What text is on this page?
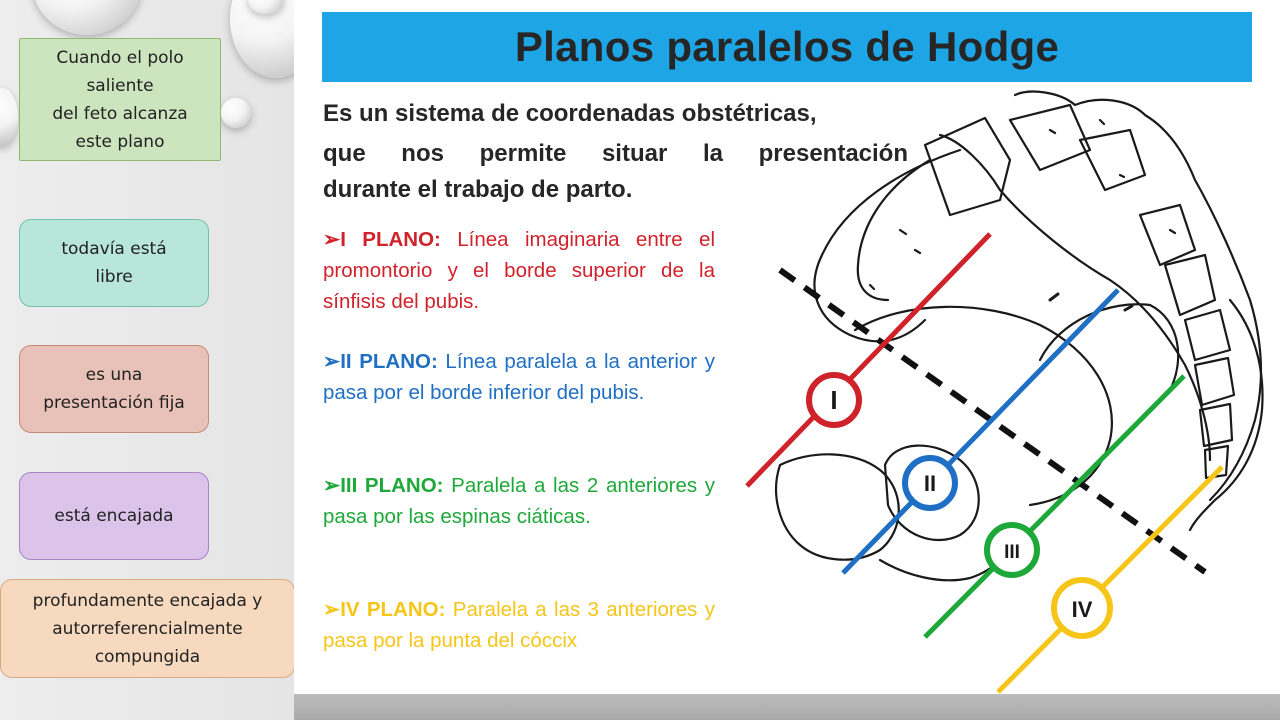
Cuando el polo
saliente
del feto alcanza
este plano
todavía está
libre
es una
presentación fija
está encajada
profundamente encajada y
autorreferencialmente
compungida
Planos paralelos de Hodge
Es un sistema de coordenadas obstétricas,
que nos permite situar la presentación
durante el trabajo de parto.
➢I PLANO: Línea imaginaria entre el promontorio y el borde superior de la sínfisis del pubis.
➢II PLANO: Línea paralela a la anterior y pasa por el borde inferior del pubis.
➢III PLANO: Paralela a las 2 anteriores y pasa por las espinas ciáticas.
➢IV PLANO: Paralela a las 3 anteriores y pasa por la punta del cóccix
I
II
III
IV
